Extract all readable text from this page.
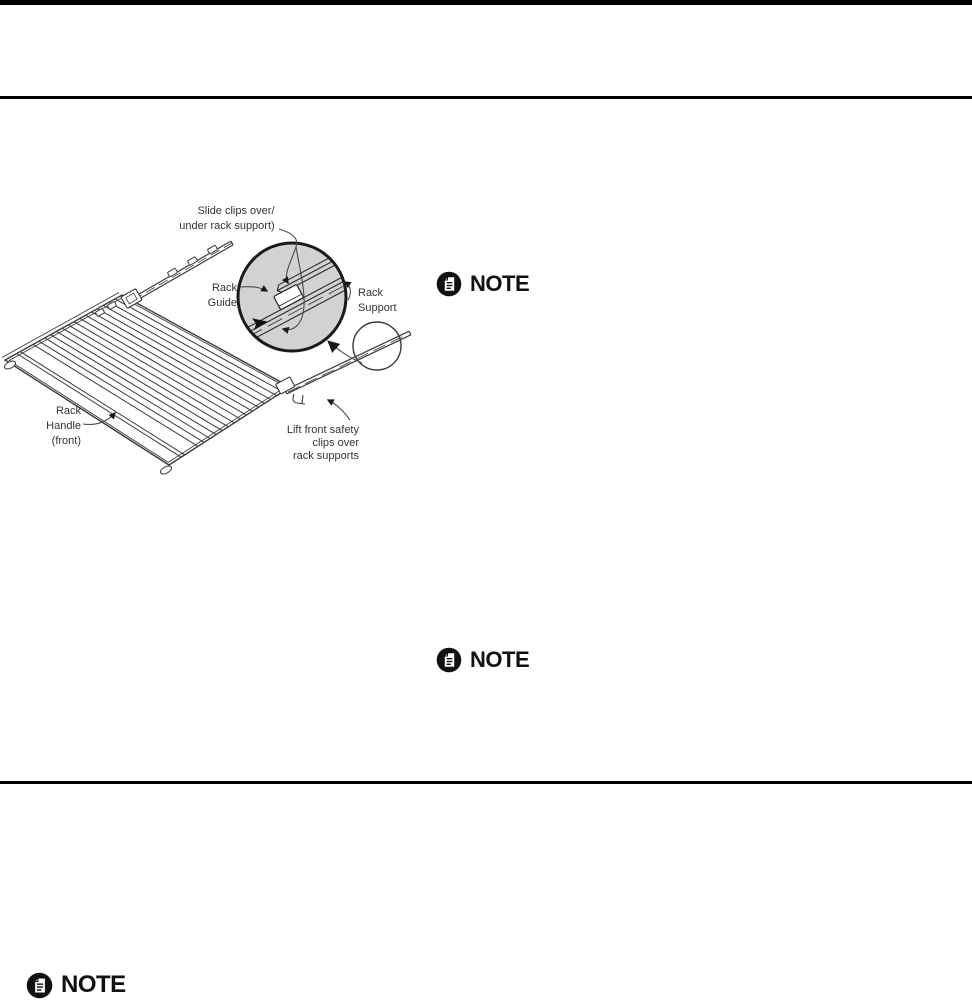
Slide clips over/
under rack support)
Rack
Guide
Rack
Support
Rack
Handle
(front)
Lift front safety
clips over
rack supports
NOTE
NOTE
NOTE
